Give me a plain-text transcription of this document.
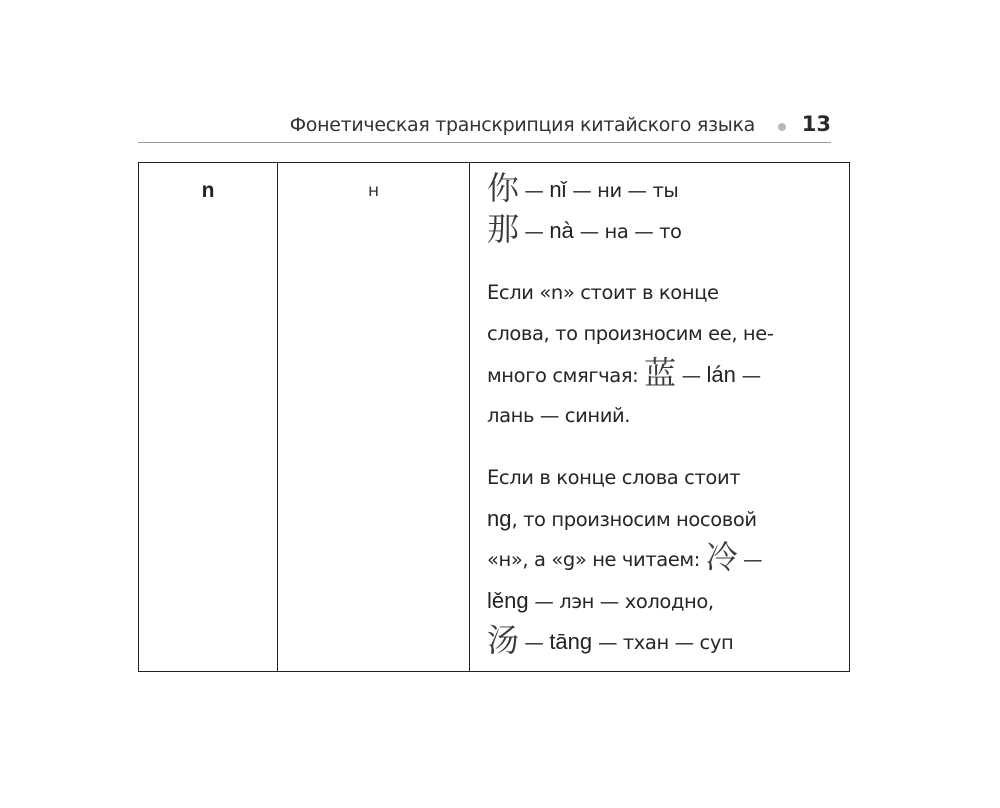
Фонетическая транскрипция китайского языка 13
n	н	你 — nǐ — ни — ты
那 — nà — на — то
Если «n» стоит в конце
слова, то произносим ее, не-
много смягчая: 蓝 — lán —
лань — синий.
Если в конце слова стоит
ng, то произносим носовой
«н», а «g» не читаем: 冷 —
lěng — лэн — холодно,
汤 — tāng — тхан — суп
